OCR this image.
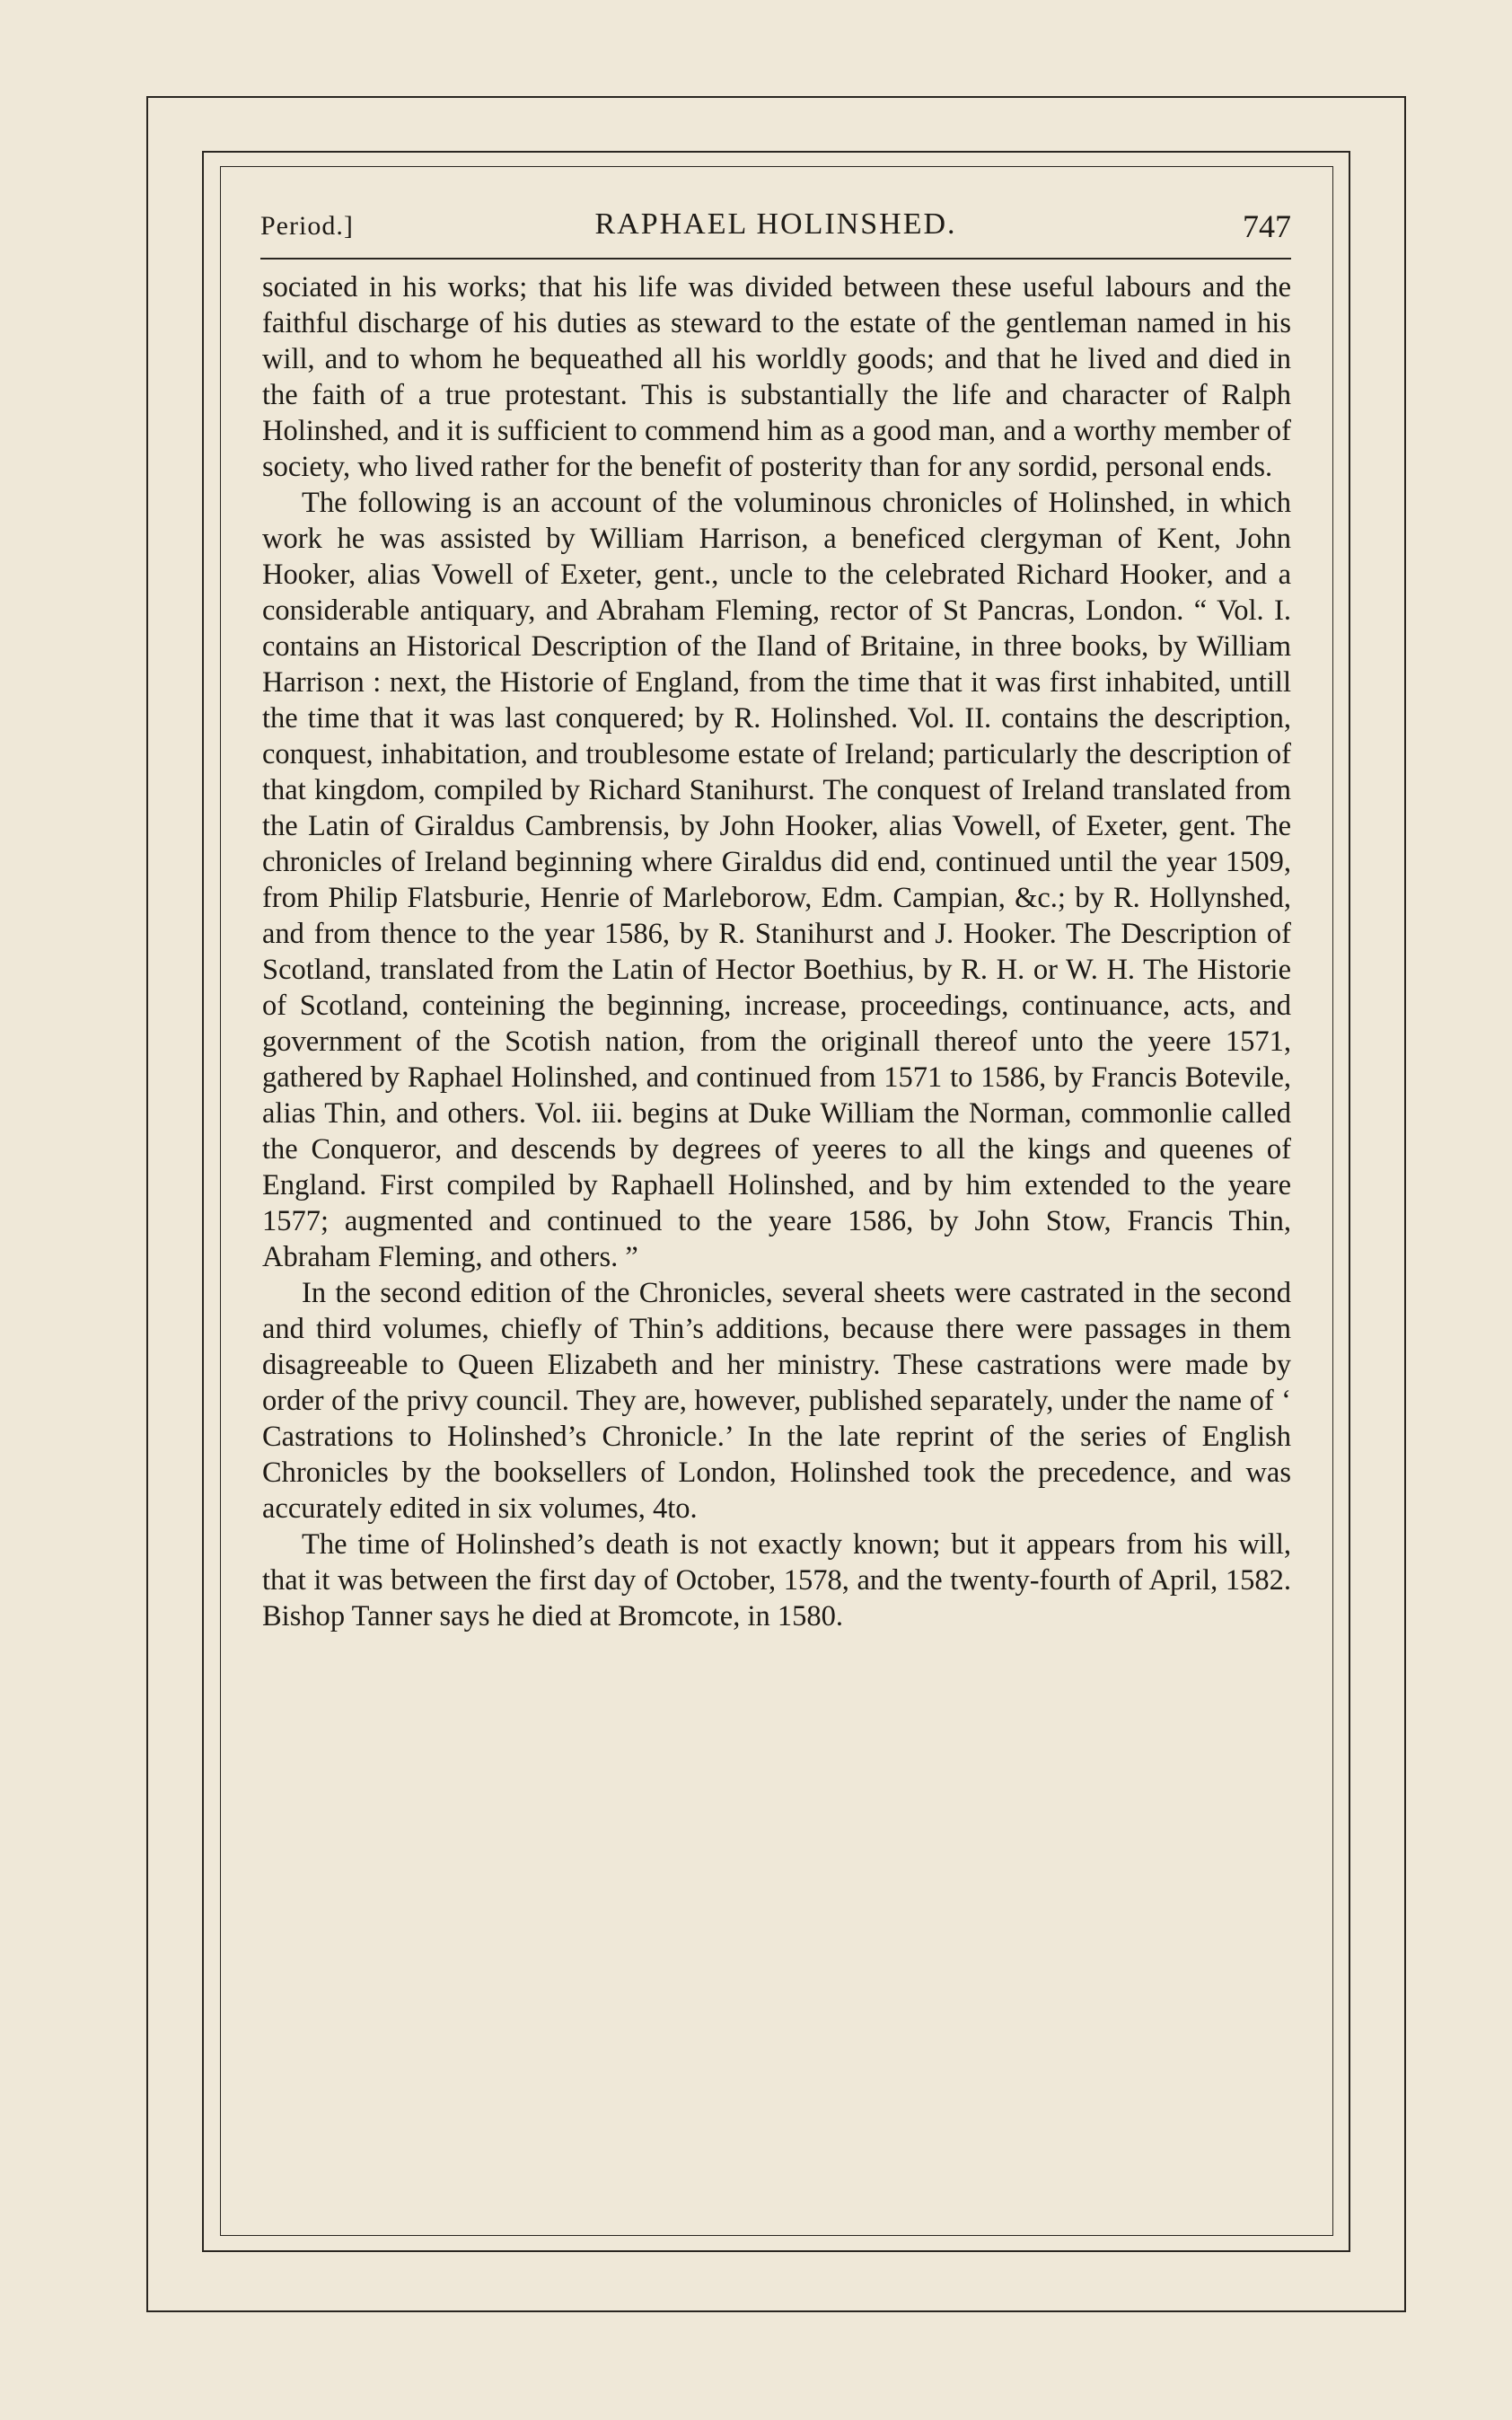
Period.]	RAPHAEL HOLINSHED.	747

sociated in his works; that his life was divided between these useful labours and the faithful discharge of his duties as steward to the estate of the gentleman named in his will, and to whom he bequeathed all his worldly goods; and that he lived and died in the faith of a true protestant. This is substantially the life and character of Ralph Holinshed, and it is sufficient to commend him as a good man, and a worthy member of society, who lived rather for the benefit of posterity than for any sordid, personal ends.

The following is an account of the voluminous chronicles of Holinshed, in which work he was assisted by William Harrison, a beneficed clergyman of Kent, John Hooker, alias Vowell of Exeter, gent., uncle to the celebrated Richard Hooker, and a considerable antiquary, and Abraham Fleming, rector of St Pancras, London. “ Vol. I. contains an Historical Description of the Iland of Britaine, in three books, by William Harrison : next, the Historie of England, from the time that it was first inhabited, untill the time that it was last conquered; by R. Holinshed. Vol. II. contains the description, conquest, inhabitation, and troublesome estate of Ireland; particularly the description of that kingdom, compiled by Richard Stanihurst. The conquest of Ireland translated from the Latin of Giraldus Cambrensis, by John Hooker, alias Vowell, of Exeter, gent. The chronicles of Ireland beginning where Giraldus did end, continued until the year 1509, from Philip Flatsburie, Henrie of Marleborow, Edm. Campian, &c.; by R. Hollynshed, and from thence to the year 1586, by R. Stanihurst and J. Hooker. The Description of Scotland, translated from the Latin of Hector Boethius, by R. H. or W. H. The Historie of Scotland, conteining the beginning, increase, proceedings, continuance, acts, and government of the Scotish nation, from the originall thereof unto the yeere 1571, gathered by Raphael Holinshed, and continued from 1571 to 1586, by Francis Botevile, alias Thin, and others. Vol. iii. begins at Duke William the Norman, commonlie called the Conqueror, and descends by degrees of yeeres to all the kings and queenes of England. First compiled by Raphaell Holinshed, and by him extended to the yeare 1577; augmented and continued to the yeare 1586, by John Stow, Francis Thin, Abraham Fleming, and others. ”

In the second edition of the Chronicles, several sheets were castrated in the second and third volumes, chiefly of Thin’s additions, because there were passages in them disagreeable to Queen Elizabeth and her ministry. These castrations were made by order of the privy council. They are, however, published separately, under the name of ‘ Castrations to Holinshed’s Chronicle.’ In the late reprint of the series of English Chronicles by the booksellers of London, Holinshed took the precedence, and was accurately edited in six volumes, 4to.

The time of Holinshed’s death is not exactly known; but it appears from his will, that it was between the first day of October, 1578, and the twenty-fourth of April, 1582. Bishop Tanner says he died at Bromcote, in 1580.
